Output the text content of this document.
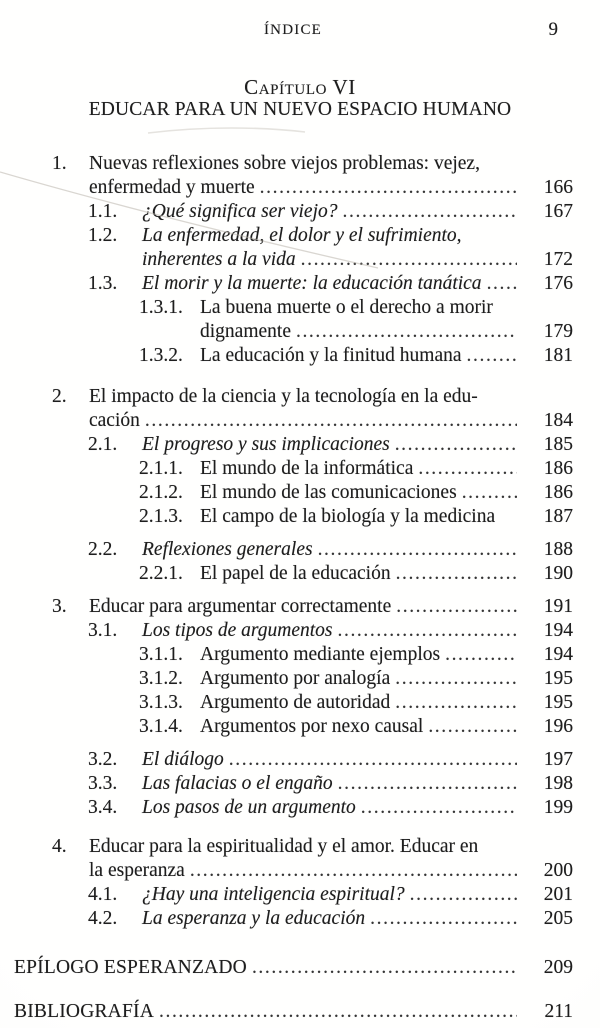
ÍNDICE	9
Capítulo VI
EDUCAR PARA UN NUEVO ESPACIO HUMANO
1.	Nuevas reflexiones sobre viejos problemas: vejez,
enfermedad y muerte .....	166
1.1.	¿Qué significa ser viejo? .....	167
1.2.	La enfermedad, el dolor y el sufrimiento,
inherentes a la vida .....	172
1.3.	El morir y la muerte: la educación tanática .....	176
1.3.1. La buena muerte o el derecho a morir
dignamente .....	179
1.3.2. La educación y la finitud humana .....	181
2.	El impacto de la ciencia y la tecnología en la edu-
cación .....	184
2.1.	El progreso y sus implicaciones .....	185
2.1.1. El mundo de la informática .....	186
2.1.2. El mundo de las comunicaciones .....	186
2.1.3. El campo de la biología y la medicina	187
2.2.	Reflexiones generales .....	188
2.2.1. El papel de la educación .....	190
3.	Educar para argumentar correctamente .....	191
3.1.	Los tipos de argumentos .....	194
3.1.1. Argumento mediante ejemplos .....	194
3.1.2. Argumento por analogía .....	195
3.1.3. Argumento de autoridad .....	195
3.1.4. Argumentos por nexo causal .....	196
3.2.	El diálogo .....	197
3.3.	Las falacias o el engaño .....	198
3.4.	Los pasos de un argumento .....	199
4.	Educar para la espiritualidad y el amor. Educar en
la esperanza .....	200
4.1.	¿Hay una inteligencia espiritual? .....	201
4.2.	La esperanza y la educación .....	205
EPÍLOGO ESPERANZADO .....	209
BIBLIOGRAFÍA .....	211
